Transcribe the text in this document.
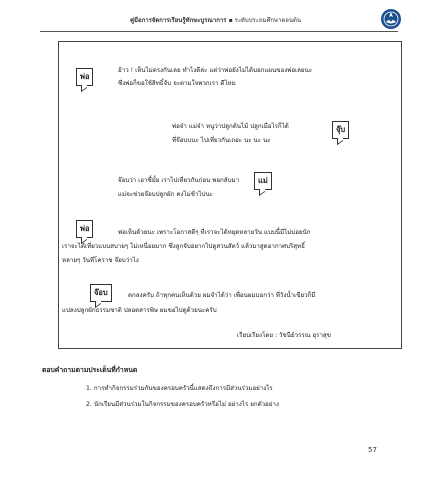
คู่มือการจัดการเรียนรู้ทักษะบูรณาการ ▪ ระดับประถมศึกษาตอนต้น
พ่อ
อ้าว ! เห็นไม่ตรงกันเลย ทำไงดีล่ะ แต่ว่าพ่อยังไม่ได้บอกแผนของพ่อเลยนะ
ซึ่งพ่อก็ขอใช้สิทธิ์จับ จะตามใจพวกเรา ดีไหม
จุ๊บ
พ่อจ๋า แม่จ๋า หนูว่าปลูกต้นไม้ ปลูกเมื่อไรก็ได้
ที่จ๊อบบนะ ไปเที่ยวกันเถอะ นะ นะ นะ
แม่
จ๊อบว่า เอาซี้มั้ย เราไปเที่ยวกันก่อน พอกลับมา
แม่จะช่วยจ๊อบปลูกผัก คงไม่ช้าไปนะ
พ่อ	พ่อเห็นด้วยนะ เพราะโอกาสดีๆ ที่เราจะได้หยุดหลายวัน แบบนี้มีไม่บ่อยนัก
เราจะได้เที่ยวแบบสบายๆ ไม่เหนื่อยมาก ซึ่งลูกจับอยากไปดูสวนสัตว์ แล้วมาสูดอากาศบริสุทธิ์
หลายๆ วันที่โคราช จ๊อบว่าไง
จ๊อบ	ตกลงครับ ถ้าทุกคนเห็นด้วย ผมจำได้ว่า เพื่อนผมบอกว่า ที่วังน้ำเขียวก็มี
แปลงปลูกผักธรรมชาติ ปลอดสารพิษ ผมขอไปดูด้วยนะครับ
เรียบเรียงโดย : วัชนีย์วรรณ อุราสุข
ตอบคำถามตามประเด็นที่กำหนด
1. การทำกิจกรรมร่วมกันของครอบครัวนี้แสดงถึงการมีส่วนร่วมอย่างไร
2. นักเรียนมีส่วนร่วมในกิจกรรมของครอบครัวหรือไม่ อย่างไร ยกตัวอย่าง
57
